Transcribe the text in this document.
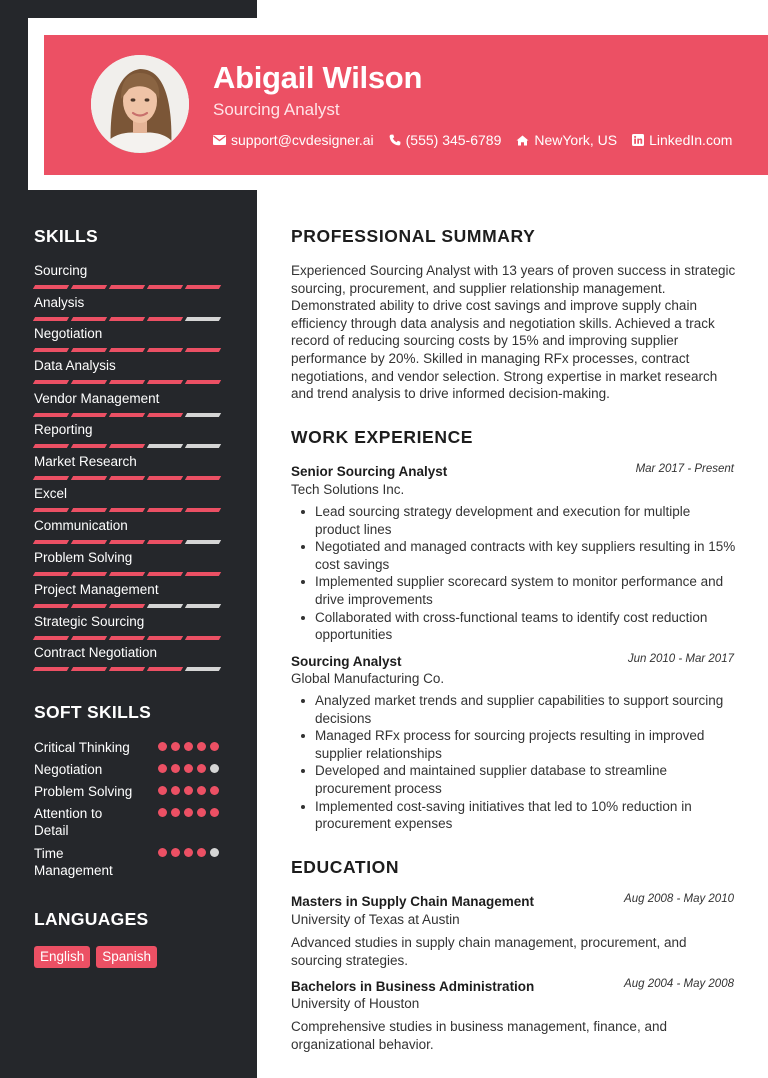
Abigail Wilson
Sourcing Analyst
support@cvdesigner.ai (555) 345-6789 NewYork, US LinkedIn.com
SKILLS
Sourcing
Analysis
Negotiation
Data Analysis
Vendor Management
Reporting
Market Research
Excel
Communication
Problem Solving
Project Management
Strategic Sourcing
Contract Negotiation
SOFT SKILLS
Critical Thinking
Negotiation
Problem Solving
Attention to Detail
Time Management
LANGUAGES
English	Spanish
PROFESSIONAL SUMMARY
Experienced Sourcing Analyst with 13 years of proven success in strategic sourcing, procurement, and supplier relationship management. Demonstrated ability to drive cost savings and improve supply chain efficiency through data analysis and negotiation skills. Achieved a track record of reducing sourcing costs by 15% and improving supplier performance by 20%. Skilled in managing RFx processes, contract negotiations, and vendor selection. Strong expertise in market research and trend analysis to drive informed decision-making.
WORK EXPERIENCE
Senior Sourcing Analyst	Mar 2017 - Present
Tech Solutions Inc.
Lead sourcing strategy development and execution for multiple product lines
Negotiated and managed contracts with key suppliers resulting in 15% cost savings
Implemented supplier scorecard system to monitor performance and drive improvements
Collaborated with cross-functional teams to identify cost reduction opportunities
Sourcing Analyst	Jun 2010 - Mar 2017
Global Manufacturing Co.
Analyzed market trends and supplier capabilities to support sourcing decisions
Managed RFx process for sourcing projects resulting in improved supplier relationships
Developed and maintained supplier database to streamline procurement process
Implemented cost-saving initiatives that led to 10% reduction in procurement expenses
EDUCATION
Masters in Supply Chain Management	Aug 2008 - May 2010
University of Texas at Austin
Advanced studies in supply chain management, procurement, and sourcing strategies.
Bachelors in Business Administration	Aug 2004 - May 2008
University of Houston
Comprehensive studies in business management, finance, and organizational behavior.
